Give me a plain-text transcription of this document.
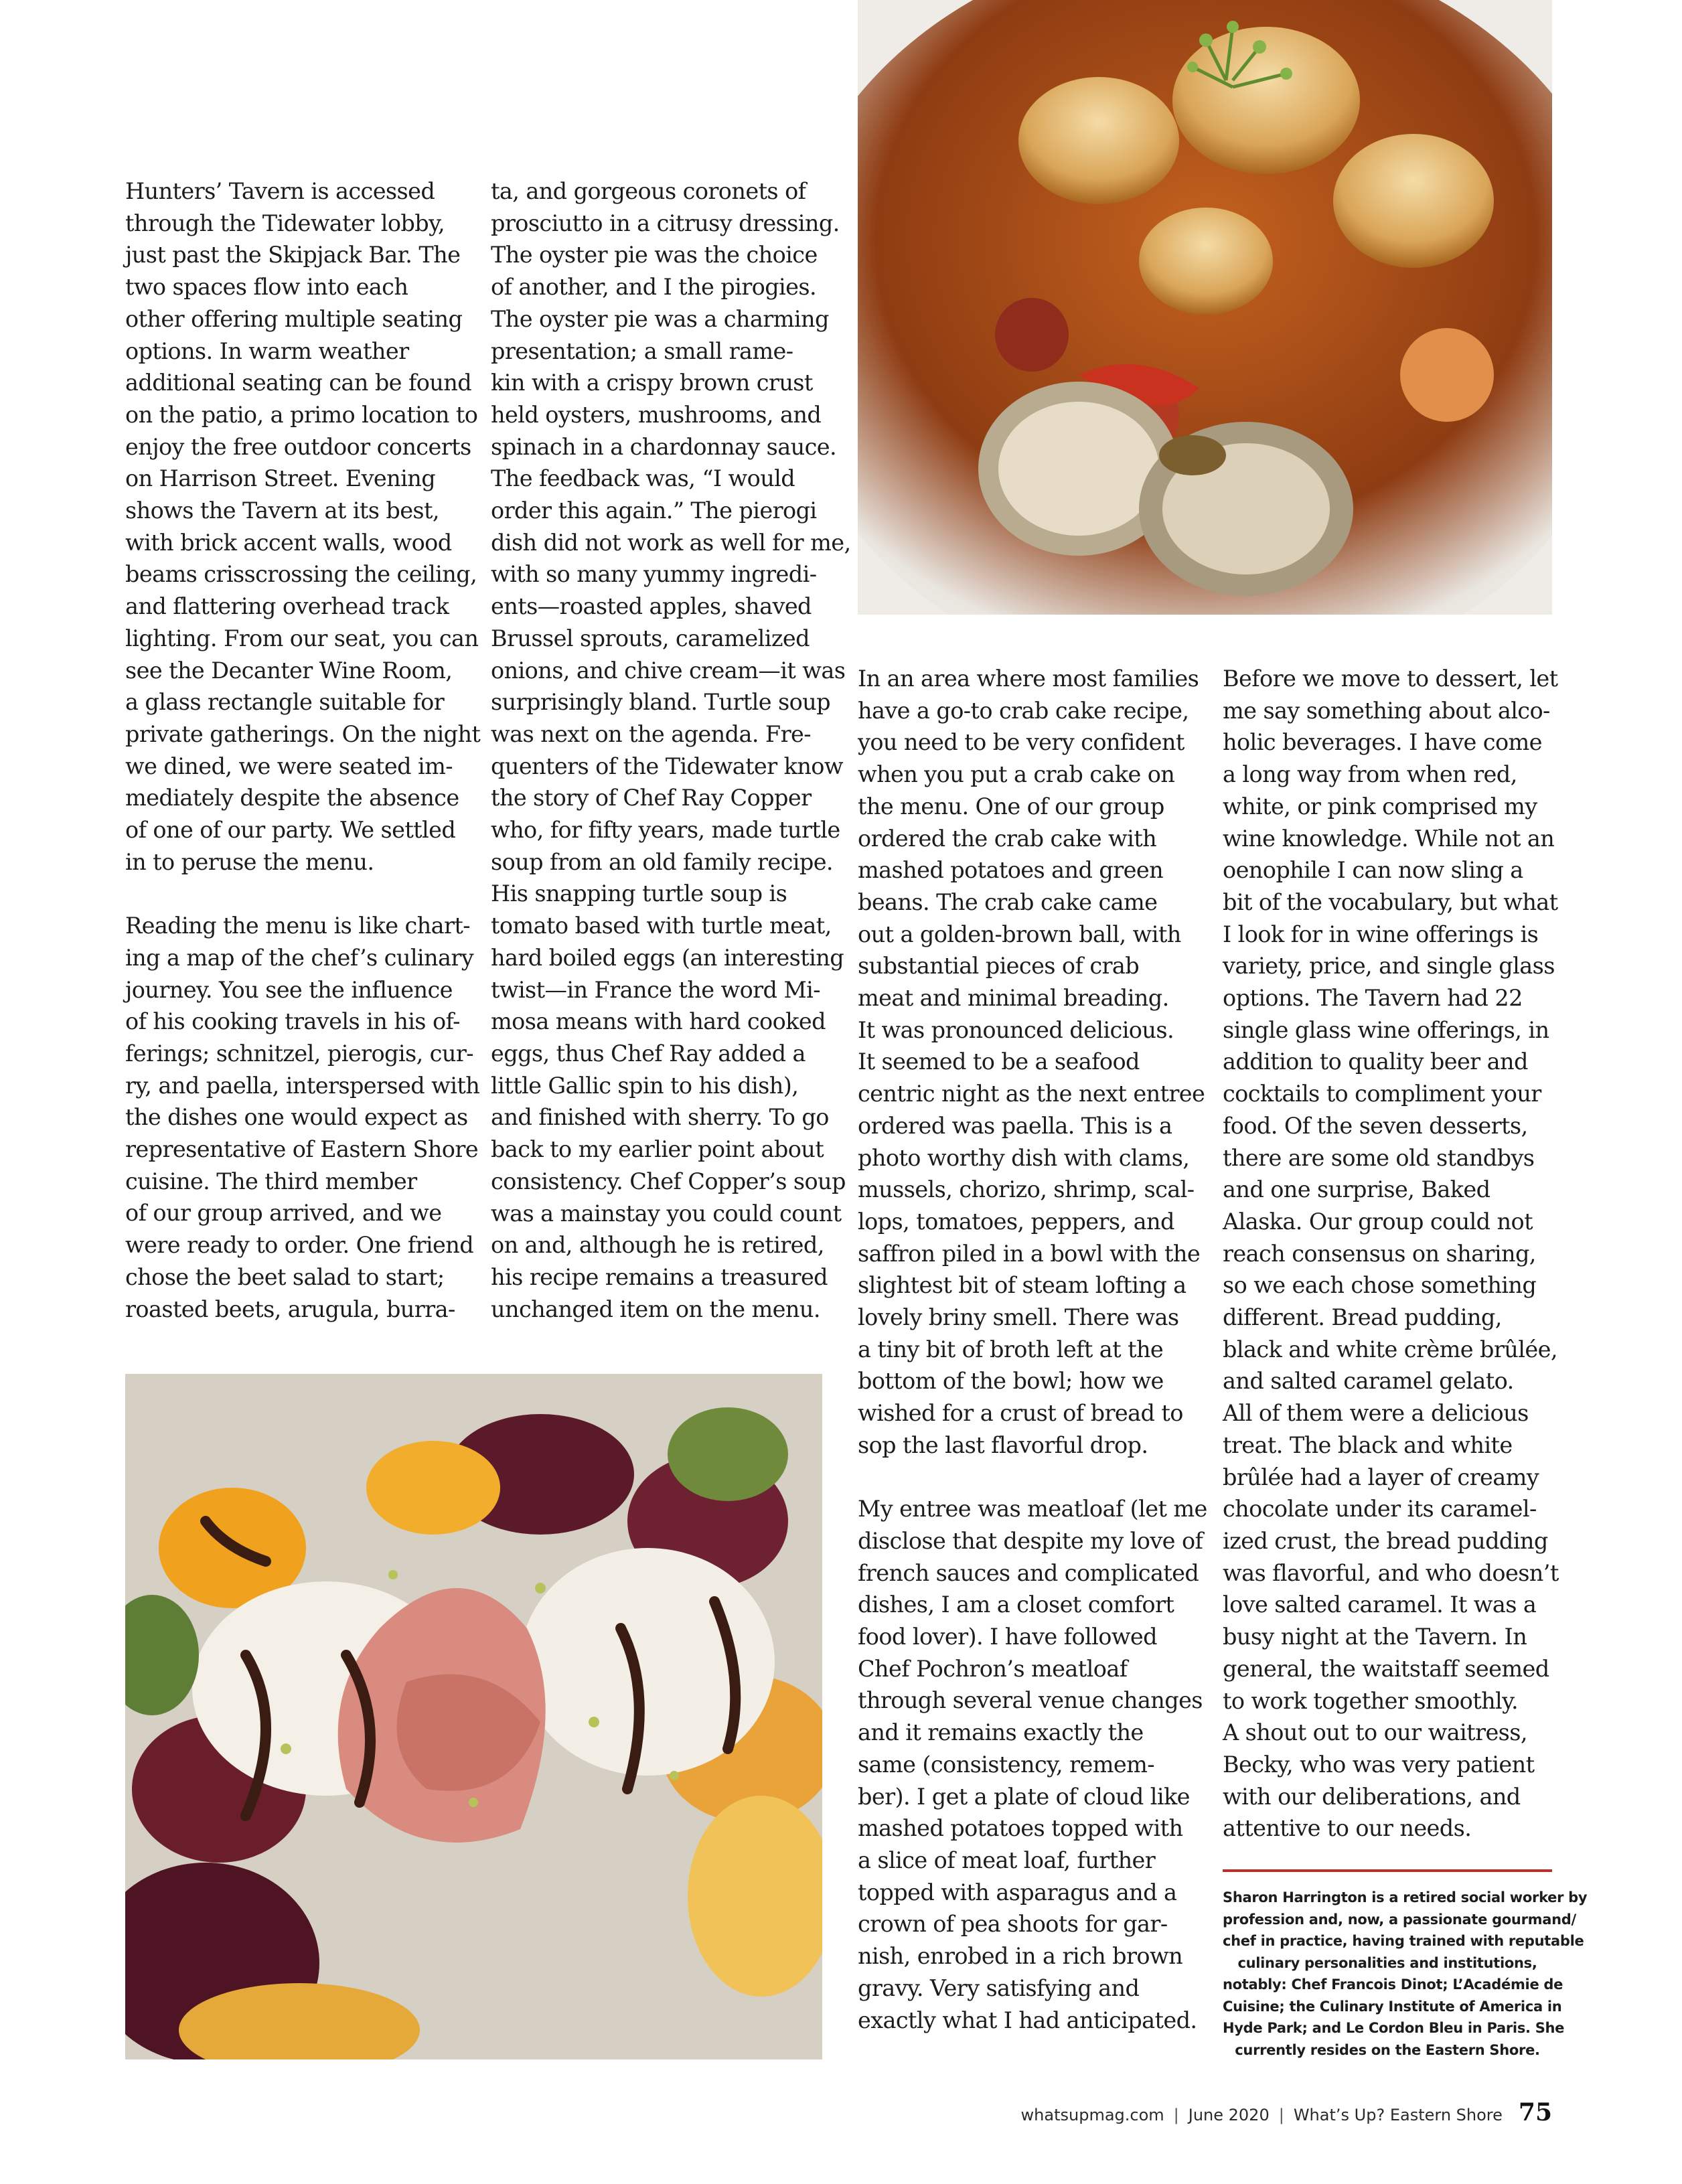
Hunters’ Tavern is accessed
through the Tidewater lobby,
just past the Skipjack Bar. The
two spaces flow into each
other offering multiple seating
options. In warm weather
additional seating can be found
on the patio, a primo location to
enjoy the free outdoor concerts
on Harrison Street. Evening
shows the Tavern at its best,
with brick accent walls, wood
beams crisscrossing the ceiling,
and flattering overhead track
lighting. From our seat, you can
see the Decanter Wine Room,
a glass rectangle suitable for
private gatherings. On the night
we dined, we were seated im-
mediately despite the absence
of one of our party. We settled
in to peruse the menu.

Reading the menu is like chart-
ing a map of the chef’s culinary
journey. You see the influence
of his cooking travels in his of-
ferings; schnitzel, pierogis, cur-
ry, and paella, interspersed with
the dishes one would expect as
representative of Eastern Shore
cuisine. The third member
of our group arrived, and we
were ready to order. One friend
chose the beet salad to start;
roasted beets, arugula, burra-

ta, and gorgeous coronets of
prosciutto in a citrusy dressing.
The oyster pie was the choice
of another, and I the pirogies.
The oyster pie was a charming
presentation; a small rame-
kin with a crispy brown crust
held oysters, mushrooms, and
spinach in a chardonnay sauce.
The feedback was, “I would
order this again.” The pierogi
dish did not work as well for me,
with so many yummy ingredi-
ents—roasted apples, shaved
Brussel sprouts, caramelized
onions, and chive cream—it was
surprisingly bland. Turtle soup
was next on the agenda. Fre-
quenters of the Tidewater know
the story of Chef Ray Copper
who, for fifty years, made turtle
soup from an old family recipe.
His snapping turtle soup is
tomato based with turtle meat,
hard boiled eggs (an interesting
twist—in France the word Mi-
mosa means with hard cooked
eggs, thus Chef Ray added a
little Gallic spin to his dish),
and finished with sherry. To go
back to my earlier point about
consistency. Chef Copper’s soup
was a mainstay you could count
on and, although he is retired,
his recipe remains a treasured
unchanged item on the menu.

In an area where most families
have a go-to crab cake recipe,
you need to be very confident
when you put a crab cake on
the menu. One of our group
ordered the crab cake with
mashed potatoes and green
beans. The crab cake came
out a golden-brown ball, with
substantial pieces of crab
meat and minimal breading.
It was pronounced delicious.
It seemed to be a seafood
centric night as the next entree
ordered was paella. This is a
photo worthy dish with clams,
mussels, chorizo, shrimp, scal-
lops, tomatoes, peppers, and
saffron piled in a bowl with the
slightest bit of steam lofting a
lovely briny smell. There was
a tiny bit of broth left at the
bottom of the bowl; how we
wished for a crust of bread to
sop the last flavorful drop.

My entree was meatloaf (let me
disclose that despite my love of
french sauces and complicated
dishes, I am a closet comfort
food lover). I have followed
Chef Pochron’s meatloaf
through several venue changes
and it remains exactly the
same (consistency, remem-
ber). I get a plate of cloud like
mashed potatoes topped with
a slice of meat loaf, further
topped with asparagus and a
crown of pea shoots for gar-
nish, enrobed in a rich brown
gravy. Very satisfying and
exactly what I had anticipated.

Before we move to dessert, let
me say something about alco-
holic beverages. I have come
a long way from when red,
white, or pink comprised my
wine knowledge. While not an
oenophile I can now sling a
bit of the vocabulary, but what
I look for in wine offerings is
variety, price, and single glass
options. The Tavern had 22
single glass wine offerings, in
addition to quality beer and
cocktails to compliment your
food. Of the seven desserts,
there are some old standbys
and one surprise, Baked
Alaska. Our group could not
reach consensus on sharing,
so we each chose something
different. Bread pudding,
black and white crème brûlée,
and salted caramel gelato.
All of them were a delicious
treat. The black and white
brûlée had a layer of creamy
chocolate under its caramel-
ized crust, the bread pudding
was flavorful, and who doesn’t
love salted caramel. It was a
busy night at the Tavern. In
general, the waitstaff seemed
to work together smoothly.
A shout out to our waitress,
Becky, who was very patient
with our deliberations, and
attentive to our needs.

Sharon Harrington is a retired social worker by
profession and, now, a passionate gourmand/
chef in practice, having trained with reputable
culinary personalities and institutions,
notably: Chef Francois Dinot; L’Académie de
Cuisine; the Culinary Institute of America in
Hyde Park; and Le Cordon Bleu in Paris. She
currently resides on the Eastern Shore.
whatsupmag.com | June 2020 | What’s Up? Eastern Shore 75
